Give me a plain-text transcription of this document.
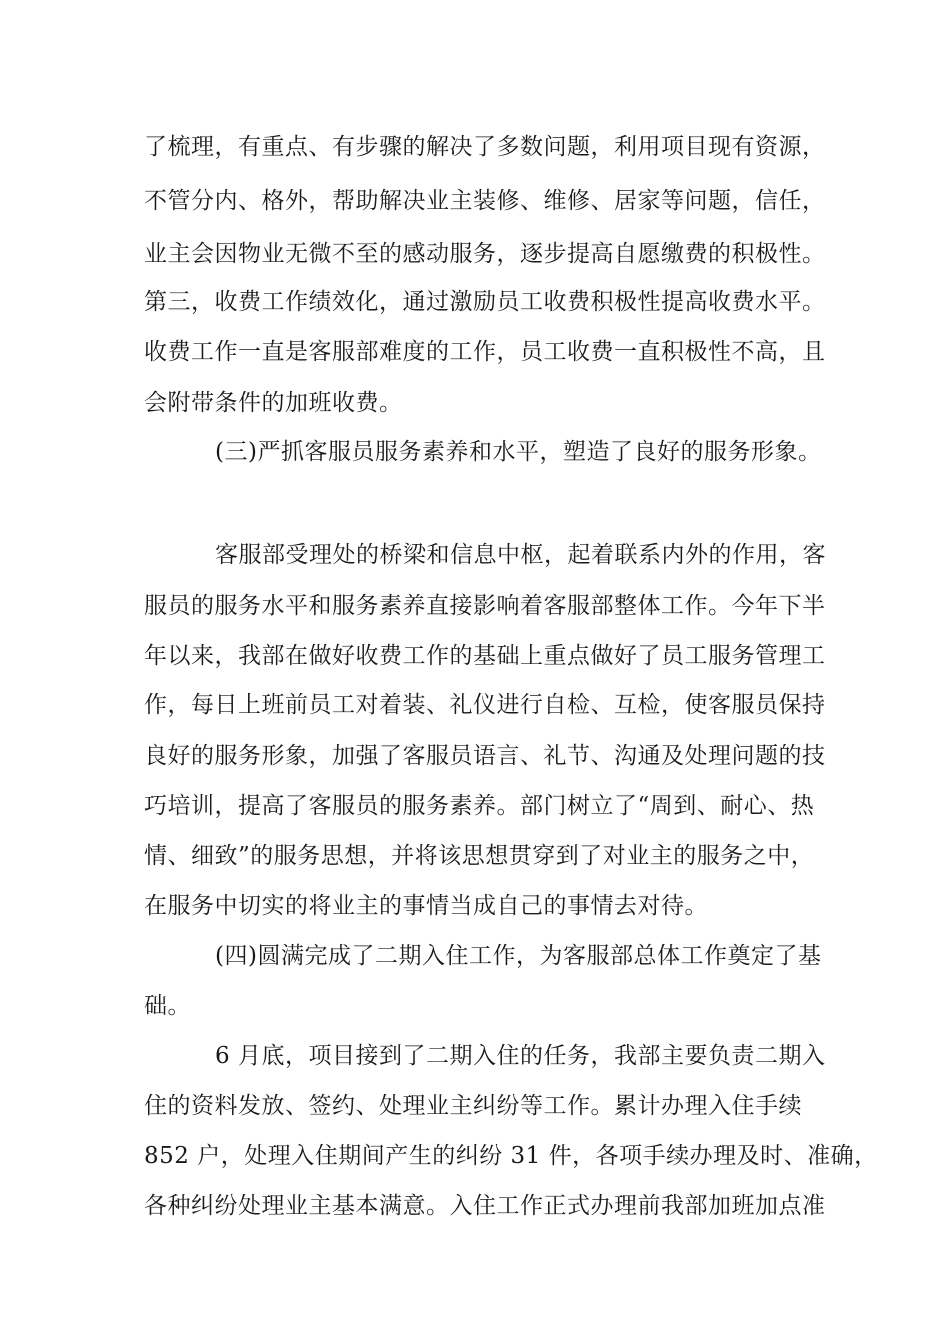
了梳理，有重点、有步骤的解决了多数问题，利用项目现有资源，
不管分内、格外，帮助解决业主装修、维修、居家等问题，信任，
业主会因物业无微不至的感动服务，逐步提高自愿缴费的积极性。
第三，收费工作绩效化，通过激励员工收费积极性提高收费水平。
收费工作一直是客服部难度的工作，员工收费一直积极性不高，且
会附带条件的加班收费。
(三)严抓客服员服务素养和水平，塑造了良好的服务形象。
客服部受理处的桥梁和信息中枢，起着联系内外的作用，客
服员的服务水平和服务素养直接影响着客服部整体工作。今年下半
年以来，我部在做好收费工作的基础上重点做好了员工服务管理工
作，每日上班前员工对着装、礼仪进行自检、互检，使客服员保持
良好的服务形象，加强了客服员语言、礼节、沟通及处理问题的技
巧培训，提高了客服员的服务素养。部门树立了“周到、耐心、热
情、细致”的服务思想，并将该思想贯穿到了对业主的服务之中，
在服务中切实的将业主的事情当成自己的事情去对待。
(四)圆满完成了二期入住工作，为客服部总体工作奠定了基
础。
6 月底，项目接到了二期入住的任务，我部主要负责二期入
住的资料发放、签约、处理业主纠纷等工作。累计办理入住手续
852 户，处理入住期间产生的纠纷 31 件，各项手续办理及时、准确，
各种纠纷处理业主基本满意。入住工作正式办理前我部加班加点准
